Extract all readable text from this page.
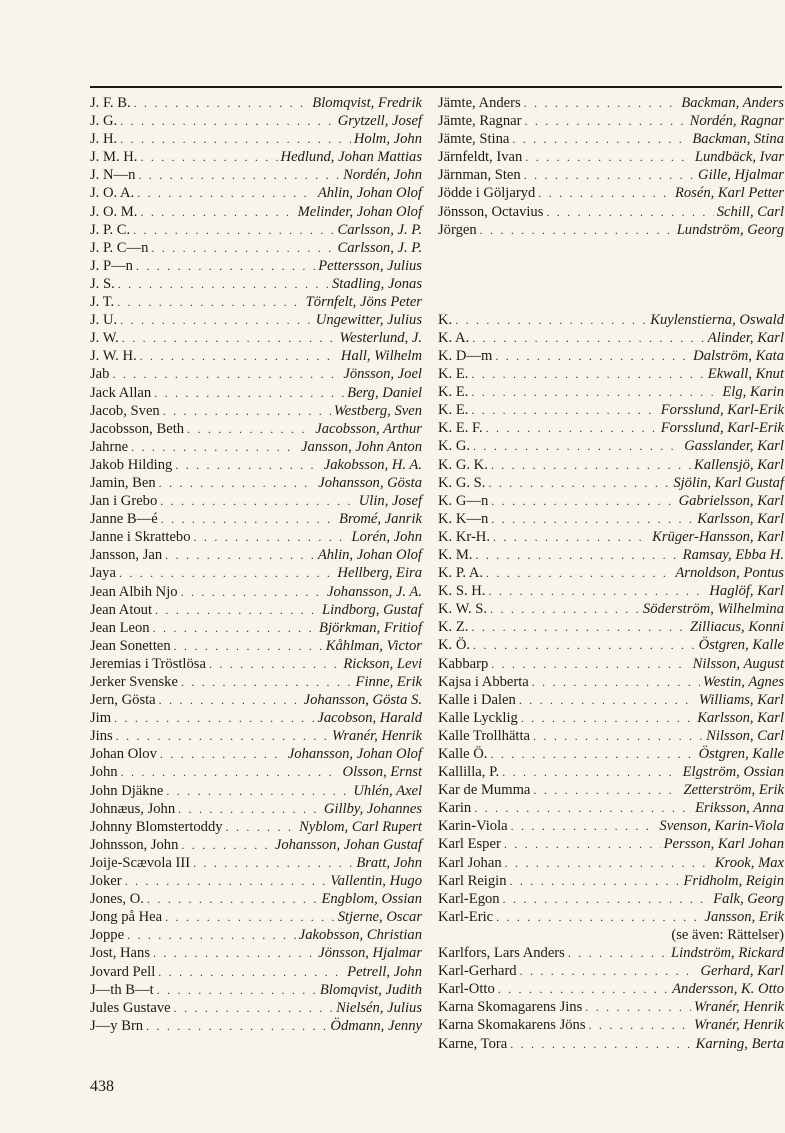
J. F. B. . . .	Blomqvist, Fredrik
J. G. . . .	Grytzell, Josef
J. H. . . .	Holm, John
J. M. H. . . .	Hedlund, Johan Mattias
J. N—n . . .	Nordén, John
J. O. A. . . .	Ahlin, Johan Olof
J. O. M. . . .	Melinder, Johan Olof
J. P. C. . . .	Carlsson, J. P.
J. P. C—n . . .	Carlsson, J. P.
J. P—n . . .	Pettersson, Julius
J. S. . . .	Stadling, Jonas
J. T. . . .	Törnfelt, Jöns Peter
J. U. . . .	Ungewitter, Julius
J. W. . . .	Westerlund, J.
J. W. H. . . .	Hall, Wilhelm
Jab . . .	Jönsson, Joel
Jack Allan . . .	Berg, Daniel
Jacob, Sven . . .	Westberg, Sven
Jacobsson, Beth . . .	Jacobsson, Arthur
Jahrne . . .	Jansson, John Anton
Jakob Hilding . . .	Jakobsson, H. A.
Jamin, Ben . . .	Johansson, Gösta
Jan i Grebo . . .	Ulin, Josef
Janne B—é . . .	Bromé, Janrik
Janne i Skrattebo . . .	Lorén, John
Jansson, Jan . . .	Ahlin, Johan Olof
Jaya . . .	Hellberg, Eira
Jean Albih Njo . . .	Johansson, J. A.
Jean Atout . . .	Lindborg, Gustaf
Jean Leon . . .	Björkman, Fritiof
Jean Sonetten . . .	Kåhlman, Victor
Jeremias i Tröstlösa . . .	Rickson, Levi
Jerker Svenske . . .	Finne, Erik
Jern, Gösta . . .	Johansson, Gösta S.
Jim . . .	Jacobson, Harald
Jins . . .	Wranér, Henrik
Johan Olov . . .	Johansson, Johan Olof
John . . .	Olsson, Ernst
John Djäkne . . .	Uhlén, Axel
Johnæus, John . . .	Gillby, Johannes
Johnny Blomstertoddy . . .	Nyblom, Carl Rupert
Johnsson, John . . .	Johansson, Johan Gustaf
Joije-Scævola III . . .	Bratt, John
Joker . . .	Vallentin, Hugo
Jones, O. . . .	Engblom, Ossian
Jong på Hea . . .	Stjerne, Oscar
Joppe . . .	Jakobsson, Christian
Jost, Hans . . .	Jönsson, Hjalmar
Jovard Pell . . .	Petrell, John
J—th B—t . . .	Blomqvist, Judith
Jules Gustave . . .	Nielsén, Julius
J—y Brn . . .	Ödmann, Jenny
Jämte, Anders . . .	Backman, Anders
Jämte, Ragnar . . .	Nordén, Ragnar
Jämte, Stina . . .	Backman, Stina
Järnfeldt, Ivan . . .	Lundbäck, Ivar
Järnman, Sten . . .	Gille, Hjalmar
Jödde i Göljaryd . . .	Rosén, Karl Petter
Jönsson, Octavius . . .	Schill, Carl
Jörgen . . .	Lundström, Georg
K. . . .	Kuylenstierna, Oswald
K. A. . . .	Alinder, Karl
K. D—m . . .	Dalström, Kata
K. E. . . .	Ekwall, Knut
K. E. . . .	Elg, Karin
K. E. . . .	Forsslund, Karl-Erik
K. E. F. . . .	Forsslund, Karl-Erik
K. G. . . .	Gasslander, Karl
K. G. K. . . .	Kallensjö, Karl
K. G. S. . . .	Sjölin, Karl Gustaf
K. G—n . . .	Gabrielsson, Karl
K. K—n . . .	Karlsson, Karl
K. Kr-H. . . .	Krüger-Hansson, Karl
K. M. . . .	Ramsay, Ebba H.
K. P. A. . . .	Arnoldson, Pontus
K. S. H. . . .	Haglöf, Karl
K. W. S. . . .	Söderström, Wilhelmina
K. Z. . . .	Zilliacus, Konni
K. Ö. . . .	Östgren, Kalle
Kabbarp . . .	Nilsson, August
Kajsa i Abberta . . .	Westin, Agnes
Kalle i Dalen . . .	Williams, Karl
Kalle Lycklig . . .	Karlsson, Karl
Kalle Trollhätta . . .	Nilsson, Carl
Kalle Ö. . . .	Östgren, Kalle
Kallilla, P. . . .	Elgström, Ossian
Kar de Mumma . . .	Zetterström, Erik
Karin . . .	Eriksson, Anna
Karin-Viola . . .	Svenson, Karin-Viola
Karl Esper . . .	Persson, Karl Johan
Karl Johan . . .	Krook, Max
Karl Reigin . . .	Fridholm, Reigin
Karl-Egon . . .	Falk, Georg
Karl-Eric . . .	Jansson, Erik
(se även: Rättelser)
Karlfors, Lars Anders . . .	Lindström, Rickard
Karl-Gerhard . . .	Gerhard, Karl
Karl-Otto . . .	Andersson, K. Otto
Karna Skomagarens Jins . . .	Wranér, Henrik
Karna Skomakarens Jöns . . .	Wranér, Henrik
Karne, Tora . . .	Karning, Berta
438
